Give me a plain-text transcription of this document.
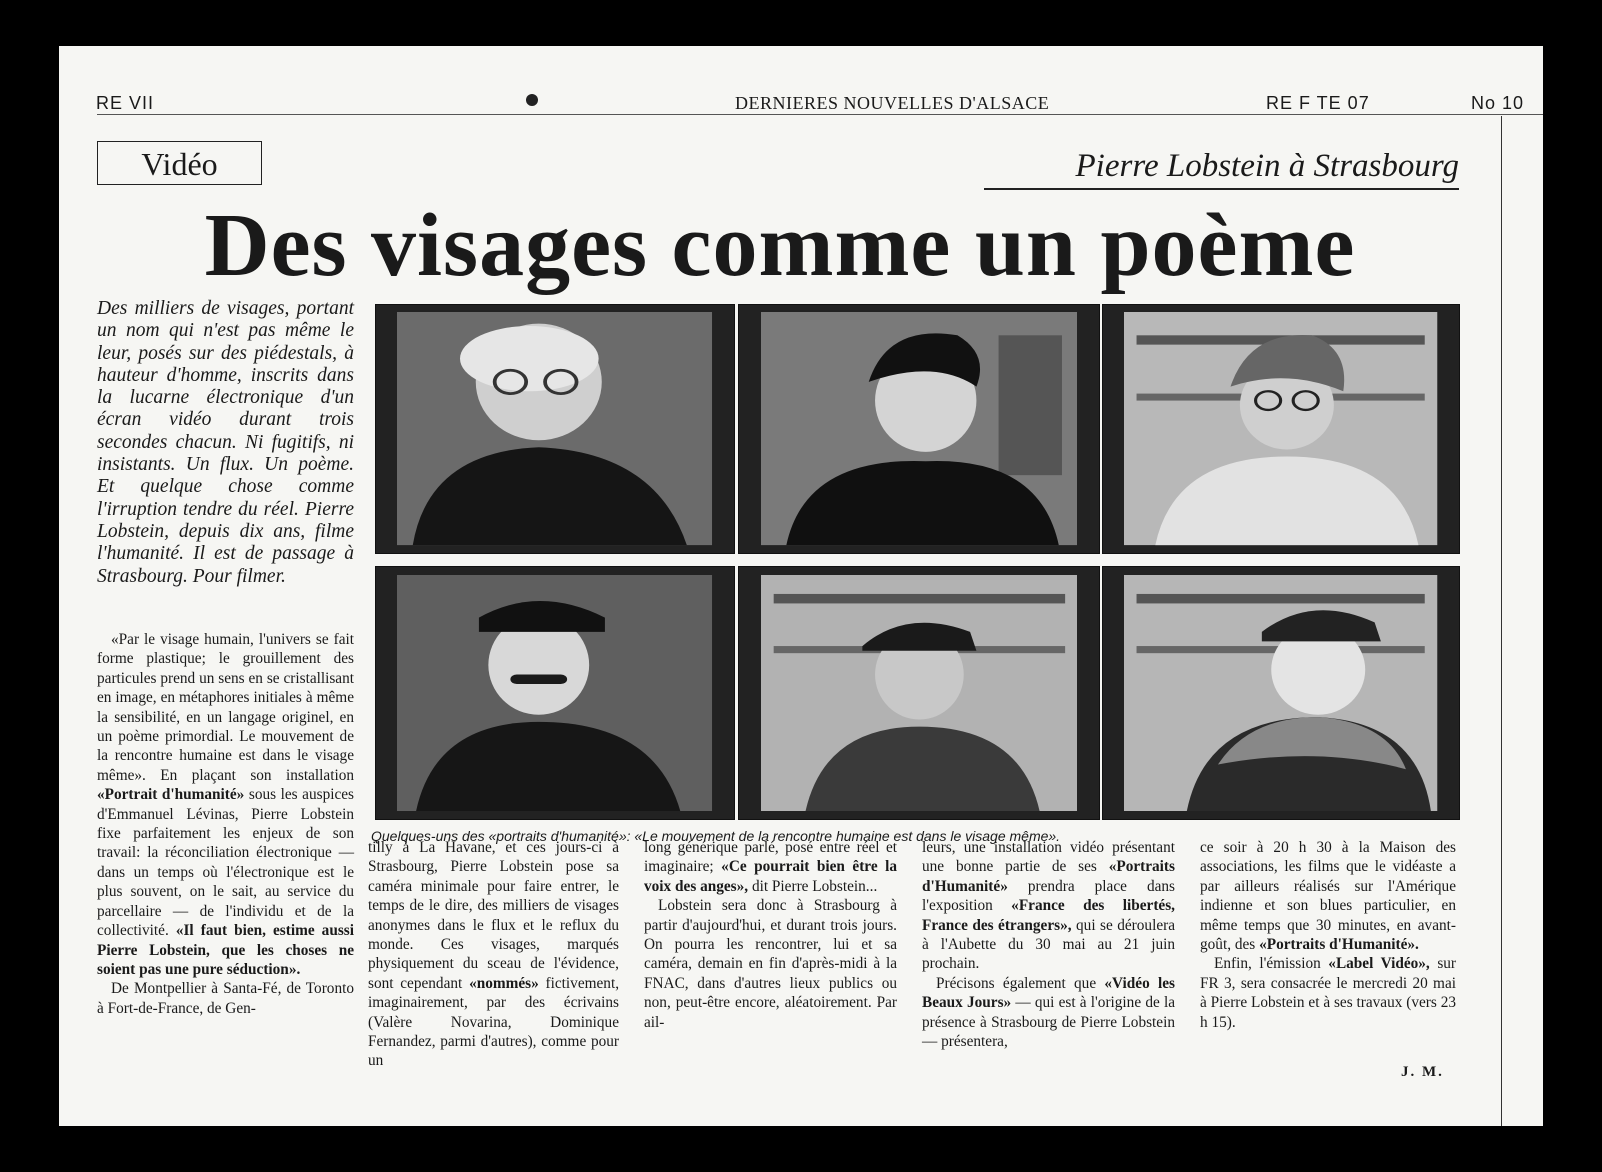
RE VII	DERNIERES NOUVELLES D'ALSACE	RE F TE 07	No 10
Vidéo	Pierre Lobstein à Strasbourg
Des visages comme un poème
Des milliers de visages, portant un nom qui n'est pas même le leur, posés sur des piédestals, à hauteur d'homme, inscrits dans la lucarne électronique d'un écran vidéo durant trois secondes chacun. Ni fugitifs, ni insistants. Un flux. Un poème. Et quelque chose comme l'irruption tendre du réel. Pierre Lobstein, depuis dix ans, filme l'humanité. Il est de passage à Strasbourg. Pour filmer.
Quelques-uns des «portraits d'humanité»: «Le mouvement de la rencontre humaine est dans le visage même».

«Par le visage humain, l'univers se fait forme plastique; le grouillement des particules prend un sens en se cristallisant en image, en métaphores initiales à même la sensibilité, en un langage originel, en un poème primordial. Le mouvement de la rencontre humaine est dans le visage même». En plaçant son installation «Portrait d'humanité» sous les auspices d'Emmanuel Lévinas, Pierre Lobstein fixe parfaitement les enjeux de son travail: la réconciliation électronique — dans un temps où l'électronique est le plus souvent, on le sait, au service du parcellaire — de l'individu et de la collectivité. «Il faut bien, estime aussi Pierre Lobstein, que les choses ne soient pas une pure séduction».

De Montpellier à Santa-Fé, de Toronto à Fort-de-France, de Gen-

tilly à La Havane, et ces jours-ci à Strasbourg, Pierre Lobstein pose sa caméra minimale pour faire entrer, le temps de le dire, des milliers de visages anonymes dans le flux et le reflux du monde. Ces visages, marqués physiquement du sceau de l'évidence, sont cependant «nommés» fictivement, imaginairement, par des écrivains (Valère Novarina, Dominique Fernandez, parmi d'autres), comme pour un

long générique parlé, posé entre réel et imaginaire; «Ce pourrait bien être la voix des anges», dit Pierre Lobstein...

Lobstein sera donc à Strasbourg à partir d'aujourd'hui, et durant trois jours. On pourra les rencontrer, lui et sa caméra, demain en fin d'après-midi à la FNAC, dans d'autres lieux publics ou non, peut-être encore, aléatoirement. Par ail-

leurs, une installation vidéo présentant une bonne partie de ses «Portraits d'Humanité» prendra place dans l'exposition «France des libertés, France des étrangers», qui se déroulera à l'Aubette du 30 mai au 21 juin prochain.

Précisons également que «Vidéo les Beaux Jours» — qui est à l'origine de la présence à Strasbourg de Pierre Lobstein — présentera,

ce soir à 20 h 30 à la Maison des associations, les films que le vidéaste a par ailleurs réalisés sur l'Amérique indienne et son blues particulier, en même temps que 30 minutes, en avant-goût, des «Portraits d'Humanité».

Enfin, l'émission «Label Vidéo», sur FR 3, sera consacrée le mercredi 20 mai à Pierre Lobstein et à ses travaux (vers 23 h 15).

J. M.
